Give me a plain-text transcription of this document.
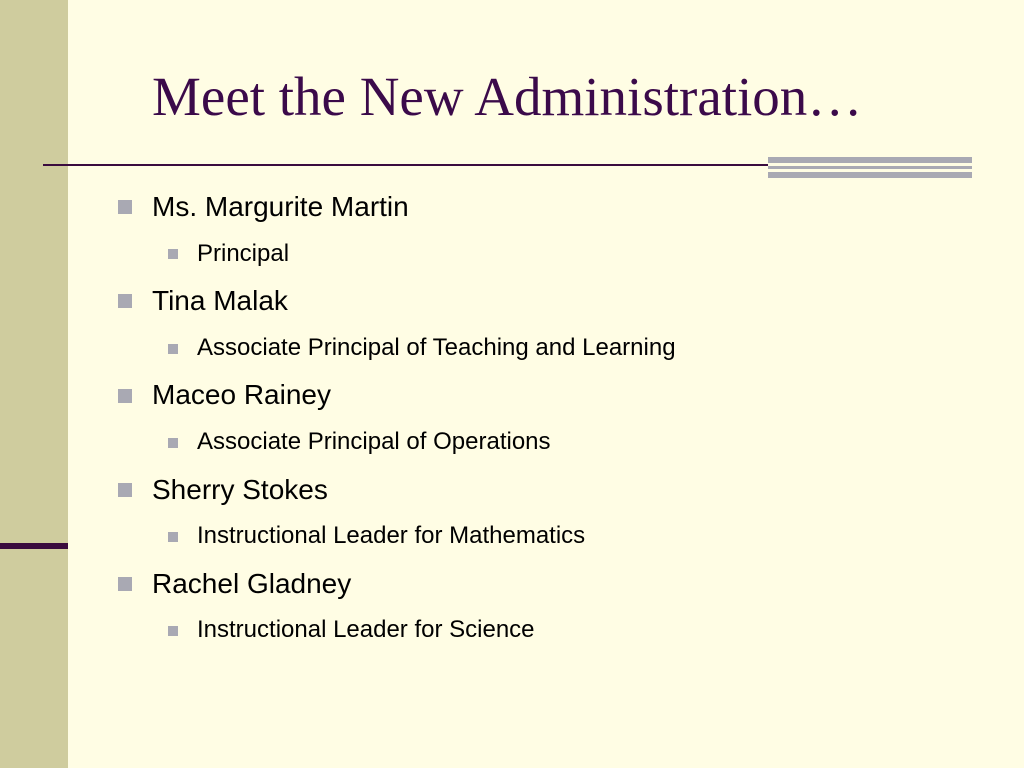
Meet the New Administration…
Ms. Margurite Martin
Principal
Tina Malak
Associate Principal of Teaching and Learning
Maceo Rainey
Associate Principal of Operations
Sherry Stokes
Instructional Leader for Mathematics
Rachel Gladney
Instructional Leader for Science
